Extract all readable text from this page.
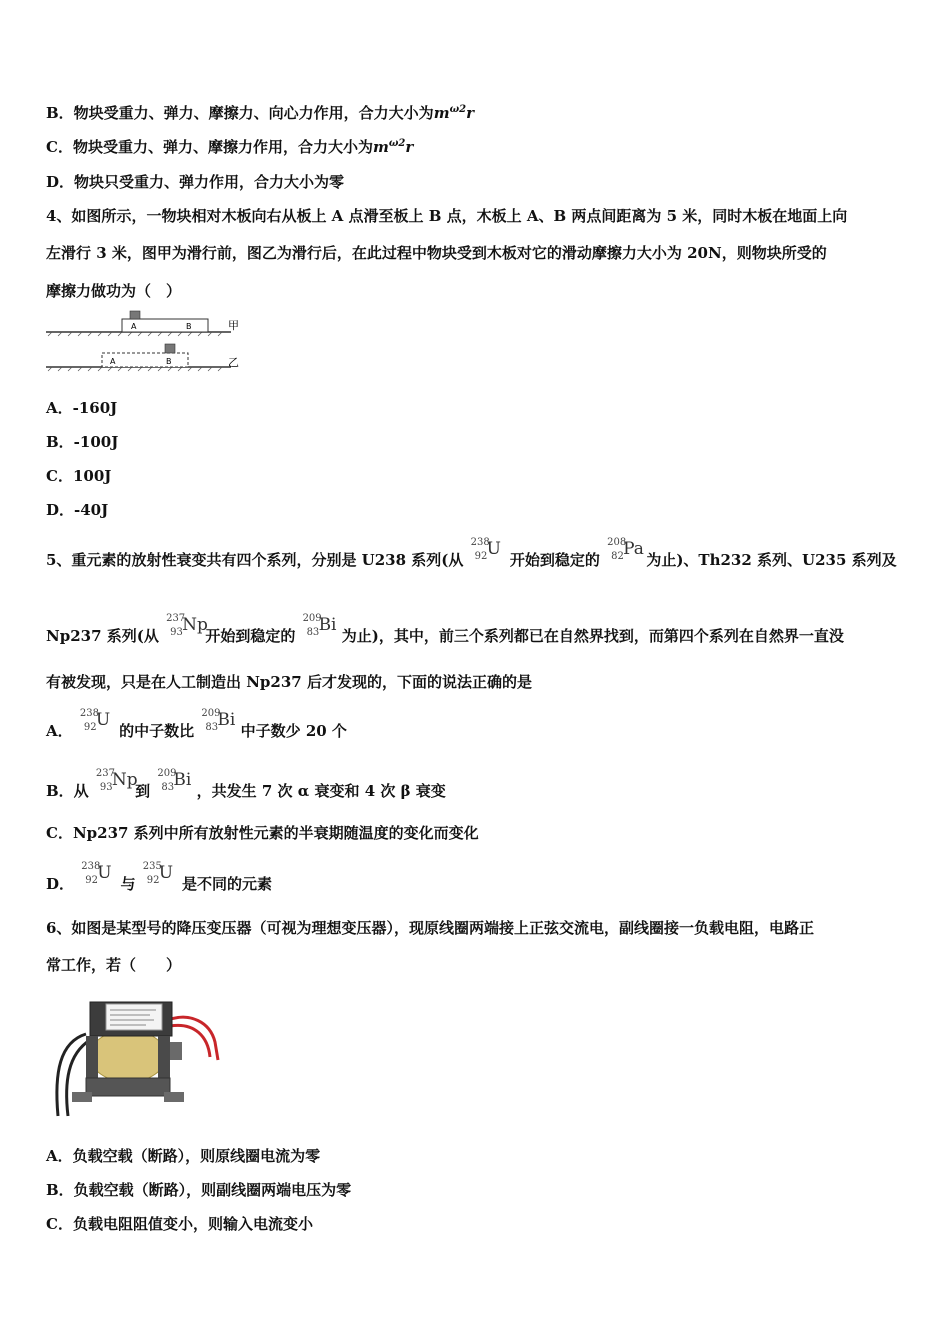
B．物块受重力、弹力、摩擦力、向心力作用，合力大小为$m^{\omega 2}r$
C．物块受重力、弹力、摩擦力作用，合力大小为$m^{\omega 2}r$
D．物块只受重力、弹力作用，合力大小为零
4、如图所示，一物块相对木板向右从板上 A 点滑至板上 B 点，木板上 A、B 两点间距离为 5 米，同时木板在地面上向
左滑行 3 米，图甲为滑行前，图乙为滑行后，在此过程中物块受到木板对它的滑动摩擦力大小为 20N，则物块所受的
摩擦力做功为（　）
A	B	甲
A	B	乙
A．-160J
B．-100J
C．100J
D．-40J
5、重元素的放射性衰变共有四个系列，分别是 U238 系列(从
238
92 U
开始到稳定的
208
82 Pa
为止)、Th232 系列、U235 系列及
Np237 系列(从
237
93 Np
开始到稳定的
209
83 Bi
为止)，其中，前三个系列都已在自然界找到，而第四个系列在自然界一直没
有被发现，只是在人工制造出 Np237 后才发现的，下面的说法正确的是
A．
238
92 U
的中子数比
209
83 Bi
中子数少 20 个
B．从
237
93 Np
到
209
83 Bi
，共发生 7 次 α 衰变和 4 次 β 衰变
C．Np237 系列中所有放射性元素的半衰期随温度的变化而变化
D．
238
92 U
与
235
92 U
是不同的元素
6、如图是某型号的降压变压器（可视为理想变压器），现原线圈两端接上正弦交流电，副线圈接一负载电阻，电路正
常工作，若（　　）
A．负载空载（断路），则原线圈电流为零
B．负载空载（断路），则副线圈两端电压为零
C．负载电阻阻值变小，则输入电流变小
